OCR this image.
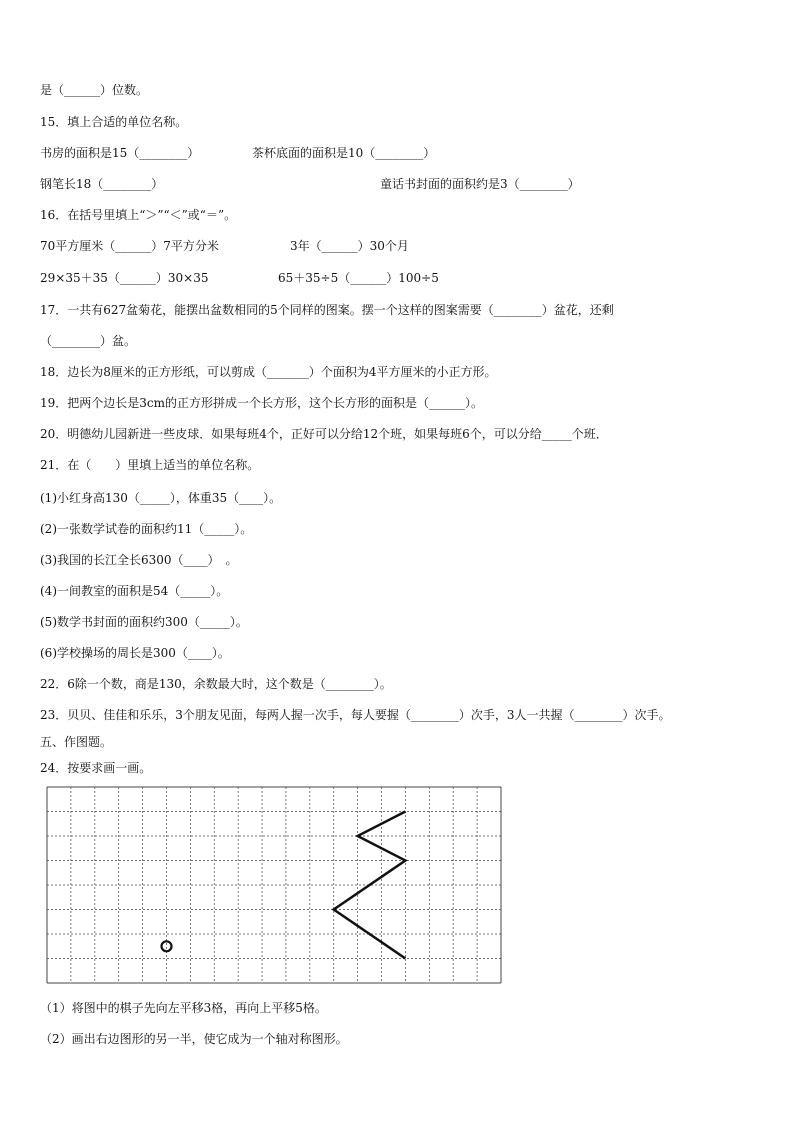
是（______）位数。
15．填上合适的单位名称。
书房的面积是15（________）	茶杯底面的面积是10（________）
钢笔长18（________）	童话书封面的面积约是3（________）
16．在括号里填上“＞”“＜”或“＝”。
70平方厘米（______）7平方分米	3年（______）30个月
29×35＋35（______）30×35	65＋35÷5（______）100÷5
17．一共有627盆菊花，能摆出盆数相同的5个同样的图案。摆一个这样的图案需要（________）盆花，还剩
（________）盆。
18．边长为8厘米的正方形纸，可以剪成（_______）个面积为4平方厘米的小正方形。
19．把两个边长是3cm的正方形拼成一个长方形，这个长方形的面积是（______）。
20．明德幼儿园新进一些皮球．如果每班4个，正好可以分给12个班，如果每班6个，可以分给_____个班．
21．在（　　）里填上适当的单位名称。
(1)小红身高130（_____），体重35（____）。
(2)一张数学试卷的面积约11（_____）。
(3)我国的长江全长6300（____）　。
(4)一间教室的面积是54（_____）。
(5)数学书封面的面积约300（_____）。
(6)学校操场的周长是300（____）。
22．6除一个数，商是130，余数最大时，这个数是（________）。
23．贝贝、佳佳和乐乐，3个朋友见面，每两人握一次手，每人要握（________）次手，3人一共握（________）次手。
五、作图题。
24．按要求画一画。
（1）将图中的棋子先向左平移3格，再向上平移5格。
（2）画出右边图形的另一半，使它成为一个轴对称图形。
